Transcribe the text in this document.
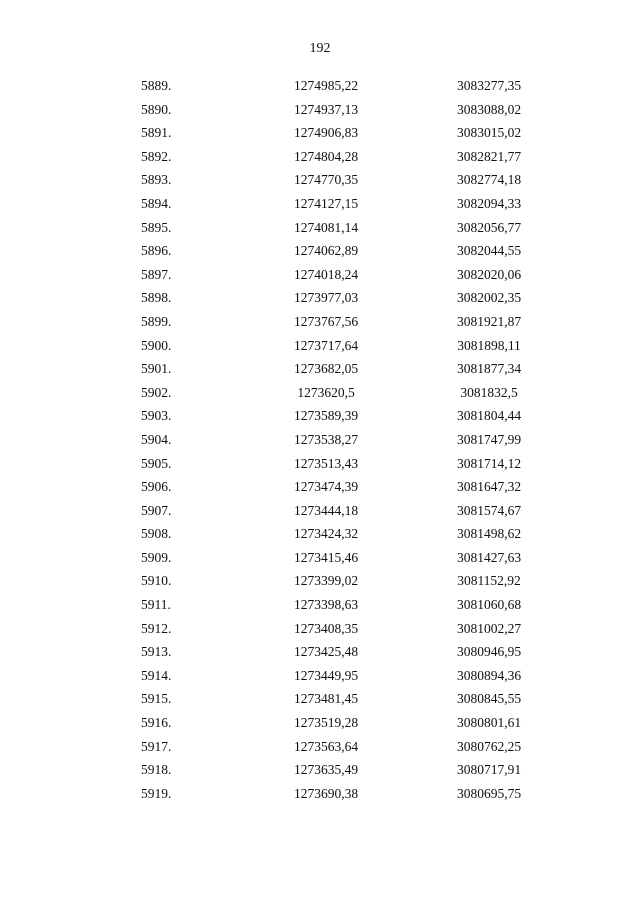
192
5889.	1274985,22	3083277,35
5890.	1274937,13	3083088,02
5891.	1274906,83	3083015,02
5892.	1274804,28	3082821,77
5893.	1274770,35	3082774,18
5894.	1274127,15	3082094,33
5895.	1274081,14	3082056,77
5896.	1274062,89	3082044,55
5897.	1274018,24	3082020,06
5898.	1273977,03	3082002,35
5899.	1273767,56	3081921,87
5900.	1273717,64	3081898,11
5901.	1273682,05	3081877,34
5902.	1273620,5	3081832,5
5903.	1273589,39	3081804,44
5904.	1273538,27	3081747,99
5905.	1273513,43	3081714,12
5906.	1273474,39	3081647,32
5907.	1273444,18	3081574,67
5908.	1273424,32	3081498,62
5909.	1273415,46	3081427,63
5910.	1273399,02	3081152,92
5911.	1273398,63	3081060,68
5912.	1273408,35	3081002,27
5913.	1273425,48	3080946,95
5914.	1273449,95	3080894,36
5915.	1273481,45	3080845,55
5916.	1273519,28	3080801,61
5917.	1273563,64	3080762,25
5918.	1273635,49	3080717,91
5919.	1273690,38	3080695,75
